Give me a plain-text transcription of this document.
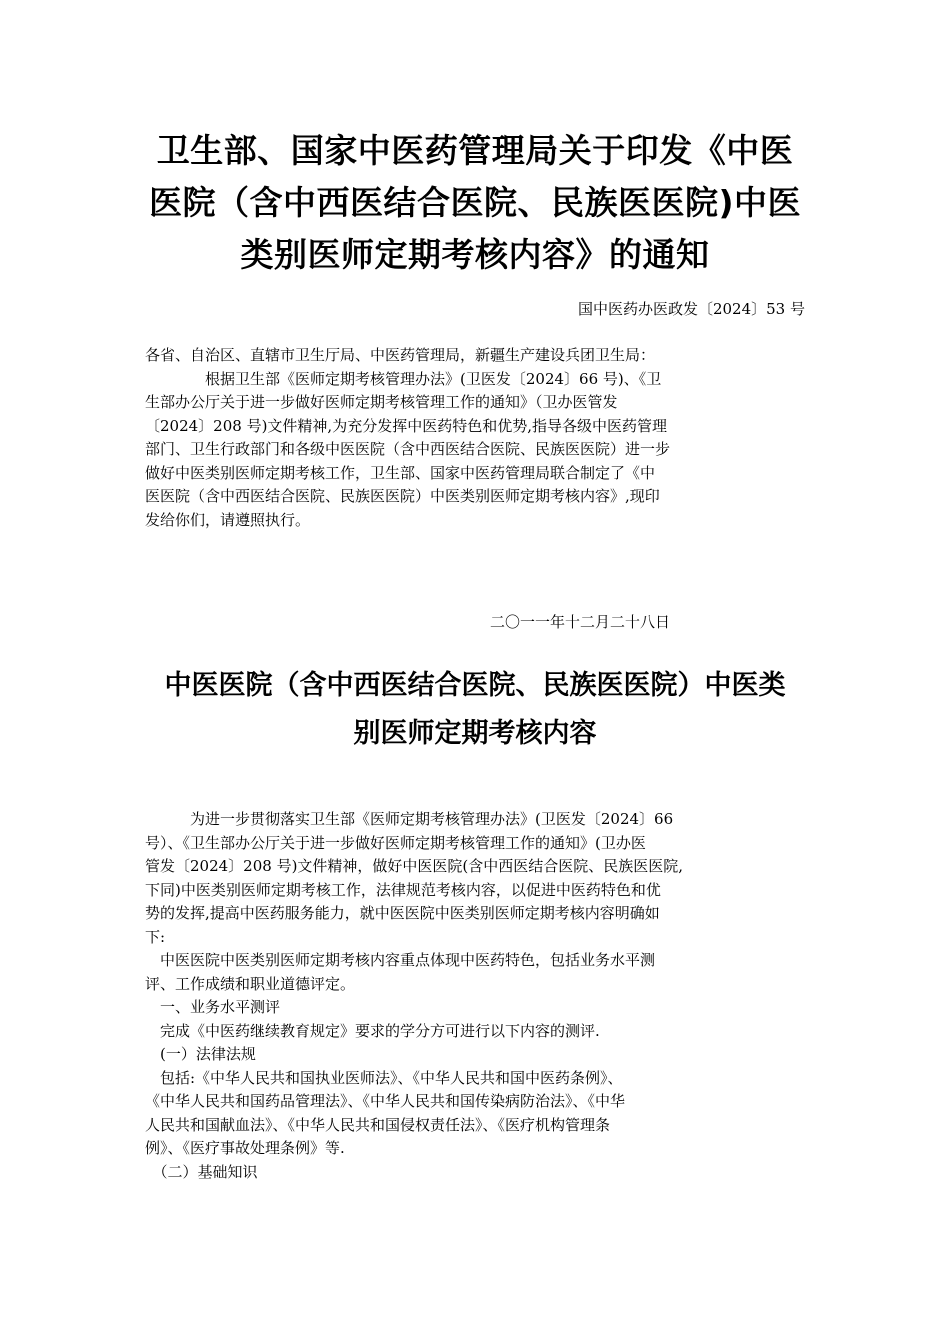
卫生部、国家中医药管理局关于印发《中医
医院（含中西医结合医院、民族医医院)中医
类别医师定期考核内容》的通知
国中医药办医政发〔2024〕53 号
各省、自治区、直辖市卫生厅局、中医药管理局，新疆生产建设兵团卫生局：
　　　　根据卫生部《医师定期考核管理办法》(卫医发〔2024〕66 号)、《卫
生部办公厅关于进一步做好医师定期考核管理工作的通知》（卫办医管发
〔2024〕208 号)文件精神,为充分发挥中医药特色和优势,指导各级中医药管理
部门、卫生行政部门和各级中医医院（含中西医结合医院、民族医医院）进一步
做好中医类别医师定期考核工作，卫生部、国家中医药管理局联合制定了《中
医医院（含中西医结合医院、民族医医院）中医类别医师定期考核内容》,现印
发给你们，请遵照执行。
二〇一一年十二月二十八日
中医医院（含中西医结合医院、民族医医院）中医类
别医师定期考核内容
　　　为进一步贯彻落实卫生部《医师定期考核管理办法》(卫医发〔2024〕66
号）、《卫生部办公厅关于进一步做好医师定期考核管理工作的通知》(卫办医
管发〔2024〕208 号)文件精神，做好中医医院(含中西医结合医院、民族医医院,
下同)中医类别医师定期考核工作，法律规范考核内容，以促进中医药特色和优
势的发挥,提高中医药服务能力，就中医医院中医类别医师定期考核内容明确如
下:
　中医医院中医类别医师定期考核内容重点体现中医药特色，包括业务水平测
评、工作成绩和职业道德评定。
　一、业务水平测评
　完成《中医药继续教育规定》要求的学分方可进行以下内容的测评.
　(一）法律法规
　包括:《中华人民共和国执业医师法》、《中华人民共和国中医药条例》、
《中华人民共和国药品管理法》、《中华人民共和国传染病防治法》、《中华
人民共和国献血法》、《中华人民共和国侵权责任法》、《医疗机构管理条
例》、《医疗事故处理条例》等.
　（二）基础知识
